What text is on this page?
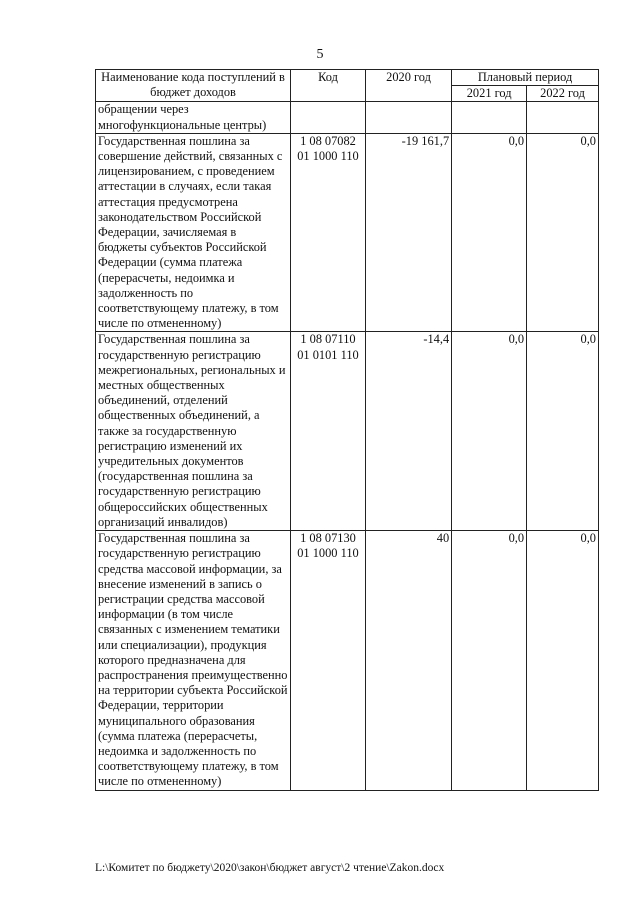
5
Наименование кода поступлений в бюджет доходов	Код	2020 год	Плановый период	
			2021 год	2022 год
обращении через многофункциональные центры)				
Государственная пошлина за совершение действий, связанных с лицензированием, с проведением аттестации в случаях, если такая аттестация предусмотрена законодательством Российской Федерации, зачисляемая в бюджеты субъектов Российской Федерации (сумма платежа (перерасчеты, недоимка и задолженность по соответствующему платежу, в том числе по отмененному)	1 08 07082 01 1000 110	-19 161,7	0,0	0,0
Государственная пошлина за государственную регистрацию межрегиональных, региональных и местных общественных объединений, отделений общественных объединений, а также за государственную регистрацию изменений их учредительных документов (государственная пошлина за государственную регистрацию общероссийских общественных организаций инвалидов)	1 08 07110 01 0101 110	-14,4	0,0	0,0
Государственная пошлина за государственную регистрацию средства массовой информации, за внесение изменений в запись о регистрации средства массовой информации (в том числе связанных с изменением тематики или специализации), продукция которого предназначена для распространения преимущественно на территории субъекта Российской Федерации, территории муниципального образования (сумма платежа (перерасчеты, недоимка и задолженность по соответствующему платежу, в том числе по отмененному)	1 08 07130 01 1000 110	40	0,0	0,0
L:\Комитет по бюджету\2020\закон\бюджет август\2 чтение\Zakon.docx
